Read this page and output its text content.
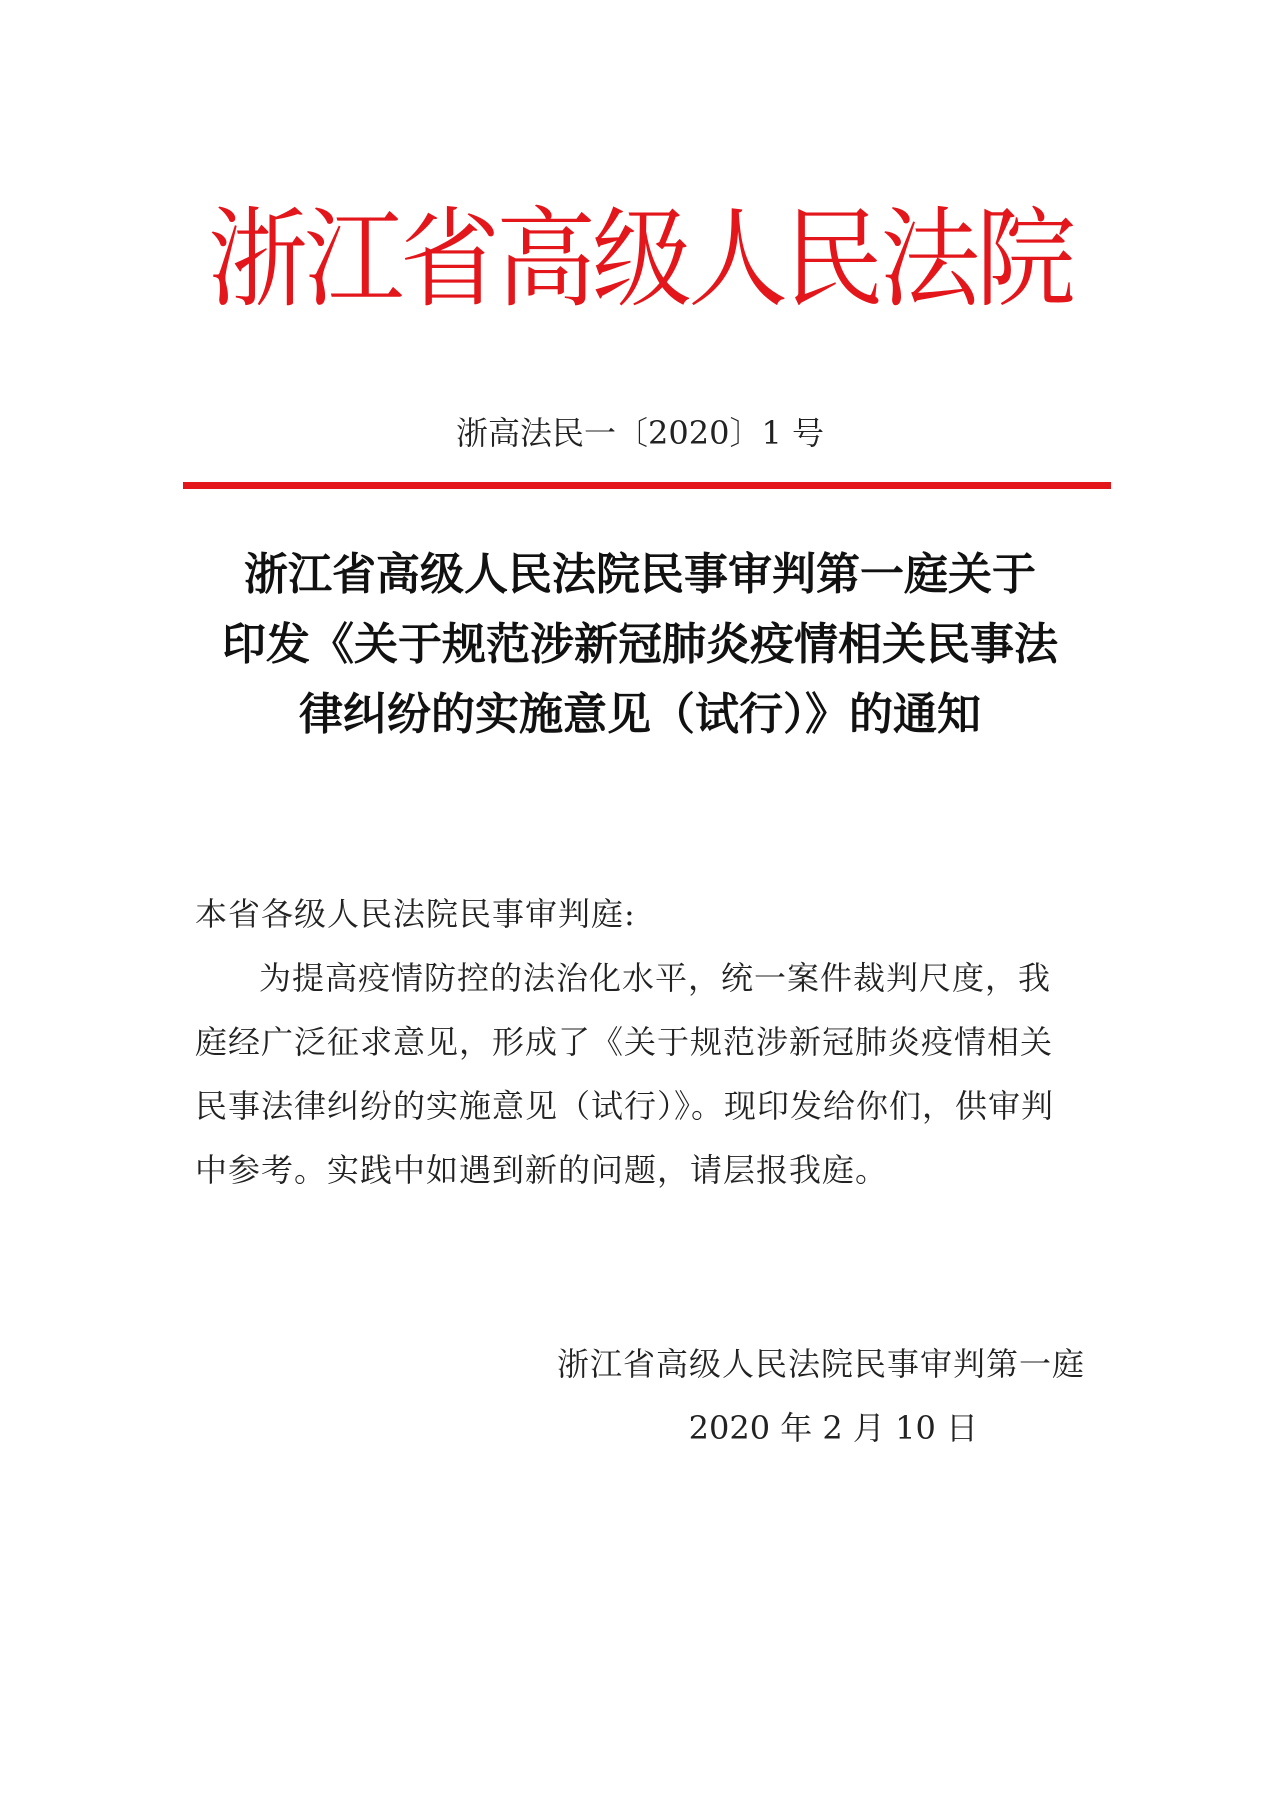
浙江省高级人民法院
浙高法民一〔2020〕1 号
浙江省高级人民法院民事审判第一庭关于
印发《关于规范涉新冠肺炎疫情相关民事法
律纠纷的实施意见（试行）》的通知
本省各级人民法院民事审判庭:
为提高疫情防控的法治化水平，统一案件裁判尺度，我
庭经广泛征求意见，形成了《关于规范涉新冠肺炎疫情相关
民事法律纠纷的实施意见（试行）》。现印发给你们，供审判
中参考。实践中如遇到新的问题，请层报我庭。
浙江省高级人民法院民事审判第一庭
2020 年 2 月 10 日
